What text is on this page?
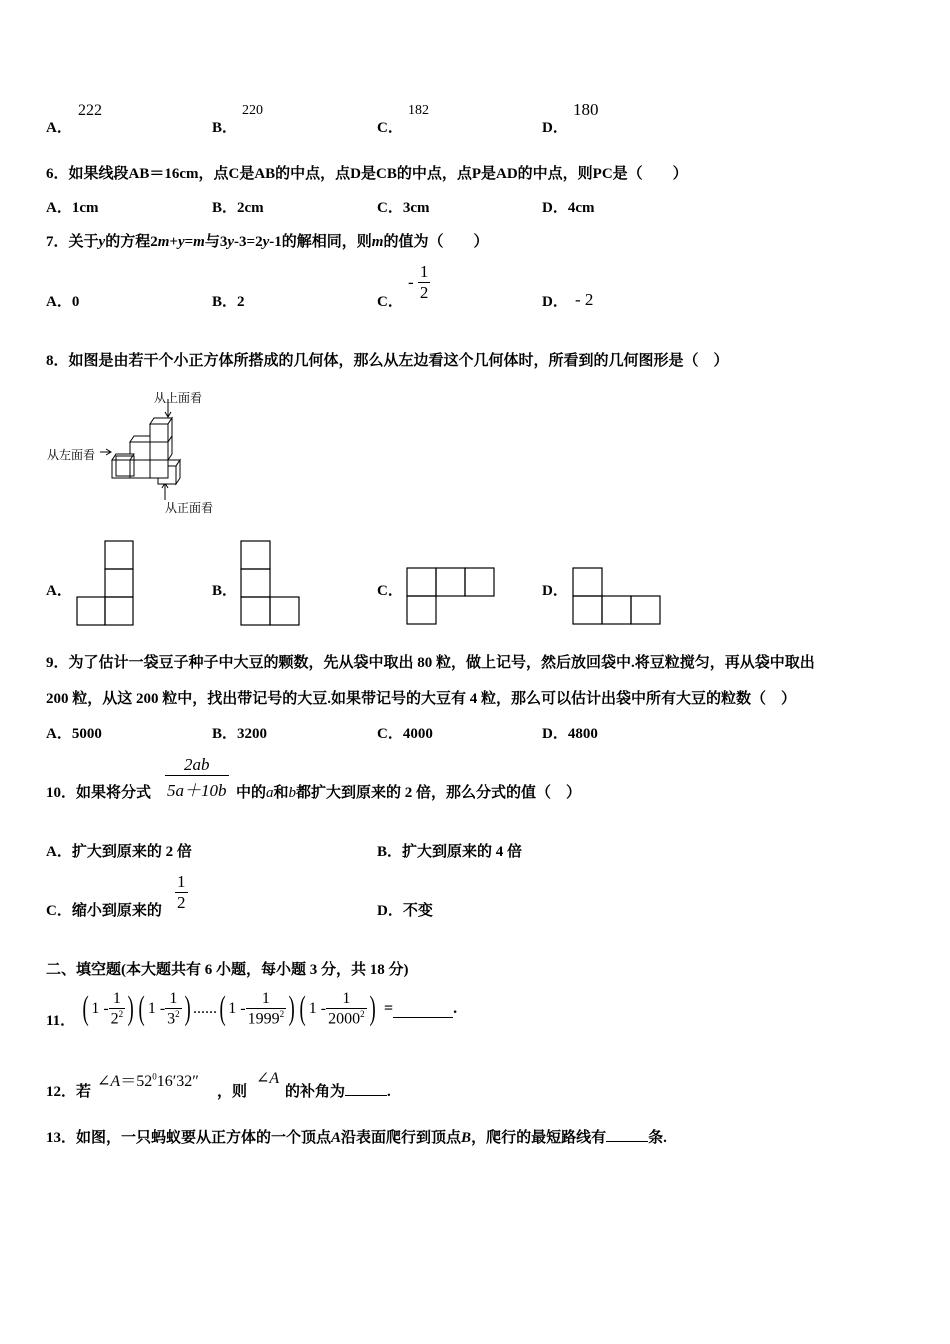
A．
222
B．
220
C．
182
D．
180
6．如果线段AB＝16cm，点C是AB的中点，点D是CB的中点，点P是AD的中点，则PC是（　　）
A．1cm	B．2cm	C．3cm	D．4cm
7．关于y的方程2m+y=m与3y-3=2y-1的解相同，则m的值为（　　）
A．0	B．2	C．
- $\frac{1}{2}$	D． - 2
8．如图是由若干个小正方体所搭成的几何体，那么从左边看这个几何体时，所看到的几何图形是（　）
从上面看
从左面看
从正面看
A．	B．	C．	D．
9．为了估计一袋豆子种子中大豆的颗数，先从袋中取出 80 粒，做上记号，然后放回袋中.将豆粒搅匀，再从袋中取出
200 粒，从这 200 粒中，找出带记号的大豆.如果带记号的大豆有 4 粒，那么可以估计出袋中所有大豆的粒数（　）
A．5000	B．3200	C．4000	D．4800
10．如果将分式 $\frac{2ab}{5a+10b}$ 中的a和b都扩大到原来的 2 倍，那么分式的值（　）
A．扩大到原来的 2 倍	B．扩大到原来的 4 倍
C．缩小到原来的 $\frac{1}{2}$	D．不变
二、填空题(本大题共有 6 小题，每小题 3 分，共 18 分)
11． ( $1 - \frac{1}{2^2}$ ) ( $1 - \frac{1}{3^2}$ ) ...... ( $1 - \frac{1}{1999^2}$ ) ( $1 - \frac{1}{2000^2}$ ) =	.
12．若
$\angle A=52^016'32''$
，则
∠A
的补角为	.
13．如图，一只蚂蚁要从正方体的一个顶点A沿表面爬行到顶点B，爬行的最短路线有	条.
